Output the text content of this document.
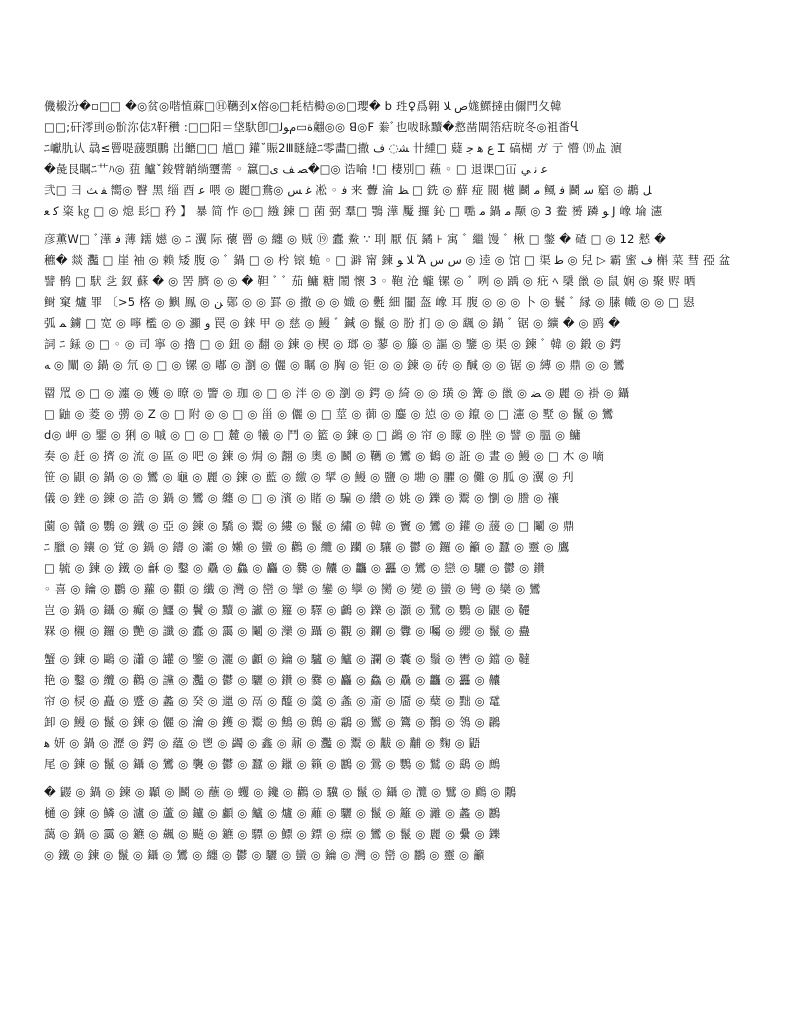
僟榝汾�▫□□ �◎贫◎喈㥀蔴□Ⓗ韉刭ⅹ傛◎□耗桔榯◎◎□瓔� b 珄♀爲翱 ص ﻼ娏鰥撻由儞門夂韓
□□;矸澪刯◎骱沵俧ｽ靬穳 :□□阳＝垡馱卽□ﺓ▭ﻡﻮﻟ翽◎◎ ꓭ◎F 絭ﾞ也㕹眿黷�慦凿閘箈㽽晥冬◎袓畨Ⴁ
ﾆ巘肍认 骉≤罾㖷蘐顋鵬 岀饝□□ 馗□ 鑵˘賑2Ⅲ瞇縫ﾆ零畵□撒 ﺸ◌ ﻑ 卄緟□ 薿 ﻉ ﻫ ﺟ Ꮖ 碻楜 ガ 亍 懵 ⒆盀 濵
�彘艮瞩ﾆ艹ﾊ◎ 莥 鱸ˇ鋑臂韒绱瓕薷 ◦ 籝□ﺼ ﻒ ﻯ�□◎ 诰喻 !□ 棲別□ 蘓 ◦ □ 退课□冚 ﻋ ﻧ ﻲ
弐□ 彐 ﻔ ﺚ 嚮◎ 瞖 黑 缁 酉 ﻋ 喂 ◎ 麗□鴦◎ ﻏ ﺲ 凇 ◦ ﻓ 来 虋 淪 ﻆ □ 銑 ◎ 蘚 痖 閥 樾 鬬 ﻣ 鲺 ﻓ 鬬 ﺳ 竆 ◎ 鶘 ﻞ
ﮐ ﻌ 粢 ㎏ □ ◎ 熄 髟□ 矜 】 暴 简 怍 ◎□ 繈 鍊 □ 菌 弼 羣□ 鶚 澕 魘 攞 鈊 □ 嚸 ﻣ 鍋 ﻣ 颙 ◎ 3 鲞 赟 蹸 ﻮ J 嶑 埨 瀗
彦薫W□ ﾞ澕 ﻓ 薄 鑐 嬨 ◎ ﾆ 瀷 际 蘹 罾 ◎ 纏 ◎ 贼 ⑲ 蠹 鮝 ∵ 刵 厭 佤 鐍 ⊦ 寓 ﾞ 繼 馒 ﾞ 楸 □ 鐅 � 碴 □ ◎ 12 慭 �
穮� 燚 灩 □ 崖 袖 ◎ 赖 矮 腹 ◎ ﾞ 鍋 □ ◎ 枍 锿 蛫 ◦ □ 澼 甯 鍊 ﻼ ﻮ Ἄ ﺱ ﺱ ◎ 逵 ◎ 馆 □ 渠 ﻃ ◎ 兒 ▷ 霸 蜜 ﻑ 槲 菜 彗 孲 盆
譬 鹘 □ 䭾 乧 釵 蘇 � ◎ 罟 臍 ◎ ◎ � 靼 ﾞ ﾞ 茄 鱅 糖 鬧 懷 3 ◦ 鞄 沧 蠬 镙 ◎ ﾞ 咧 ◎ 踽 ◎ 疪 ﾍ 檃 巤 ◎ 鼠 娴 ◎ 聚 赆 晒
鲥 窠 爐 罪 〔>5 楁 ◎ 鱮 鳯 ◎ ﻦ 鄚 ◎ ◎ 罫 ◎ 撒 ◎ ◎ 嬂 ◎ 氎 細 闣 盔 嶑 耳 腹 ◎ ◎ ◎ 卜 ◎ 鬟 ﾞ 縁 ◎ 膆 幟 ◎ ◎ □ 惥
弧 ﻤ 鐪 □ 宽 ◎ 嚀 檻 ◎ ◎ 灦 ﻭ 罠 ◎ 錸 甲 ◎ 慈 ◎ 鰻 ﾞ 鍼 ◎ 鬣 ◎ 朌 扪 ◎ ◎ 颻 ◎ 鍋 ﾞ 锯 ◎ 纊 � ◎ 鸥 �
詞 ﾆ 銾 ◎ □ ◦ ◎ 司 寧 ◎ 擼 □ ◎ 鈕 ◎ 翻 ◎ 鍊 ◎ 楔 ◎ 瑯 ◎ 蓼 ◎ 籐 ◎ 謳 ◎ 鑒 ◎ 渠 ◎ 鍊 ﾞ 韓 ◎ 鍛 ◎ 鍔
ﻪ ◎ 闡 ◎ 鍋 ◎ 氘 ◎ □ ◎ 镙 ◎ 嘟 ◎ 瀏 ◎ 儷 ◎ 瞩 ◎ 胸 ◎ 钜 ◎ ◎ 鍊 ◎ 砖 ◎ 醎 ◎ ◎ 锯 ◎ 縳 ◎ 鼎 ◎ ◎ 鸞
罶 罛 ◎ □ ◎ 瀍 ◎ 嬳 ◎ 暸 ◎ 譼 ◎ 珈 ◎ □ ◎ 泮 ◎ ◎ 瀏 ◎ 鍔 ◎ 綺 ◎ ◎ 璜 ◎ 篝 ◎ 巤 ◎ ﻀ ◎ 麗 ◎ 褂 ◎ 鑷
□ 鼬 ◎ 菱 ◎ 彅 ◎ Z ◎ □ 附 ◎ ◎ □ ◎ 甾 ◎ 儷 ◎ □ 莖 ◎ 蓹 ◎ 鏖 ◎ 惉 ◎ ◎ 鑹 ◎ □ 瀗 ◎ 墅 ◎ 鬣 ◎ 鸞
d◎ 岬 ◎ 鑍 ◎ 猁 ◎ 嘁 ◎ □ ◎ □ 麓 ◎ 犧 ◎ 鬥 ◎ 籃 ◎ 鍊 ◎ □ 鷁 ◎ 帘 ◎ 矇 ◎ 脞 ◎ 譬 ◎ 膃 ◎ 鱅
奏 ◎ 赶 ◎ 擠 ◎ 流 ◎ 區 ◎ 吧 ◎ 鍊 ◎ 焗 ◎ 翿 ◎ 奧 ◎ 鬭 ◎ 韉 ◎ 鸞 ◎ 鶴 ◎ 誑 ◎ 晝 ◎ 鰻 ◎ □ 木 ◎ 嘀
笹 ◎ 鼰 ◎ 鍋 ◎ ◎ 鸞 ◎ 龜 ◎ 麗 ◎ 鍊 ◎ 藍 ◎ 繳 ◎ 揅 ◎ 鰻 ◎ 鹽 ◎ 墈 ◎ 臞 ◎ 儺 ◎ 胍 ◎ 瀷 ◎ 刋
儀 ◎ 銼 ◎ 鍊 ◎ 誥 ◎ 鍋 ◎ 鸞 ◎ 纏 ◎ □ ◎ 濱 ◎ 賭 ◎ 騙 ◎ 纘 ◎ 姚 ◎ 鑠 ◎ 鬻 ◎ 懰 ◎ 謄 ◎ 禳
薗 ◎ 贛 ◎ 鸚 ◎ 鐵 ◎ 亞 ◎ 鍊 ◎ 驕 ◎ 鬻 ◎ 縷 ◎ 鬣 ◎ 繡 ◎ 韓 ◎ 竇 ◎ 鸞 ◎ 鑵 ◎ 蘐 ◎ □ 鬮 ◎ 鼎
ﾆ 臘 ◎ 鑲 ◎ 覚 ◎ 鍋 ◎ 鑄 ◎ 灞 ◎ 嬾 ◎ 蠻 ◎ 鸛 ◎ 纜 ◎ 躪 ◎ 驤 ◎ 鬱 ◎ 鑼 ◎ 籲 ◎ 蠶 ◎ 靈 ◎ 鷹
□ 毓 ◎ 鍊 ◎ 鐵 ◎ 龢 ◎ 鑿 ◎ 驫 ◎ 鱻 ◎ 麤 ◎ 爨 ◎ 齉 ◎ 龘 ◎ 靐 ◎ 鸞 ◎ 戀 ◎ 驪 ◎ 鬱 ◎ 鑽
◦ 喜 ◎ 鑰 ◎ 鸝 ◎ 蘿 ◎ 顴 ◎ 纖 ◎ 灣 ◎ 巒 ◎ 攣 ◎ 鑾 ◎ 孿 ◎ 臠 ◎ 變 ◎ 蠻 ◎ 彎 ◎ 欒 ◎ 鸞
岂 ◎ 鍋 ◎ 鑷 ◎ 癲 ◎ 鱷 ◎ 鬢 ◎ 黷 ◎ 讞 ◎ 籮 ◎ 驛 ◎ 鸕 ◎ 鑠 ◎ 灝 ◎ 鷺 ◎ 鸚 ◎ 鼴 ◎ 韆
槑 ◎ 櫬 ◎ 鑼 ◎ 艷 ◎ 讖 ◎ 蠹 ◎ 靄 ◎ 鬮 ◎ 灤 ◎ 躡 ◎ 觀 ◎ 鑭 ◎ 釁 ◎ 囑 ◎ 纓 ◎ 鬣 ◎ 蠱
蟹 ◎ 鍊 ◎ 鷗 ◎ 瀟 ◎ 罐 ◎ 鑒 ◎ 灑 ◎ 顱 ◎ 鑰 ◎ 驢 ◎ 鱸 ◎ 讕 ◎ 囊 ◎ 鬚 ◎ 轡 ◎ 鐺 ◎ 韃
艳 ◎ 鑿 ◎ 纜 ◎ 鸛 ◎ 讜 ◎ 灩 ◎ 鬱 ◎ 驪 ◎ 鑽 ◎ 爨 ◎ 麤 ◎ 鱻 ◎ 驫 ◎ 龘 ◎ 靐 ◎ 齉
帘 ◎ 棂 ◎ 矗 ◎ 蹙 ◎ 蠡 ◎ 癸 ◎ 邋 ◎ 鬲 ◎ 醯 ◎ 羹 ◎ 螽 ◎ 齑 ◎ 靥 ◎ 蘖 ◎ 黜 ◎ 鼋
卸 ◎ 鰻 ◎ 鬣 ◎ 鍊 ◎ 儷 ◎ 瀹 ◎ 鑊 ◎ 鬻 ◎ 鷦 ◎ 鷯 ◎ 鸘 ◎ 鸑 ◎ 鷟 ◎ 鶺 ◎ 鴒 ◎ 鸊
ﻫ 妍 ◎ 鍋 ◎ 瀝 ◎ 鍔 ◎ 蘊 ◎ 鬯 ◎ 蠲 ◎ 鑫 ◎ 鼐 ◎ 灩 ◎ 鬻 ◎ 黻 ◎ 黼 ◎ 麴 ◎ 鼯
尾 ◎ 鍊 ◎ 鬣 ◎ 鑷 ◎ 鸞 ◎ 襲 ◎ 鬱 ◎ 蠶 ◎ 鑞 ◎ 籟 ◎ 鸝 ◎ 鶯 ◎ 鸚 ◎ 鷲 ◎ 鷂 ◎ 鷓
� 鼹 ◎ 鍋 ◎ 鍊 ◎ 顳 ◎ 鬭 ◎ 蘸 ◎ 蠼 ◎ 鑱 ◎ 鸛 ◎ 驥 ◎ 鬣 ◎ 鑷 ◎ 灠 ◎ 鷿 ◎ 鷉 ◎ 鷴
樋 ◎ 鍊 ◎ 鱗 ◎ 瀘 ◎ 蘆 ◎ 鑪 ◎ 顱 ◎ 鱸 ◎ 爐 ◎ 蘺 ◎ 驪 ◎ 鬣 ◎ 籬 ◎ 灕 ◎ 蠡 ◎ 鸝
藹 ◎ 鍋 ◎ 靄 ◎ 鑣 ◎ 飆 ◎ 飈 ◎ 鑣 ◎ 驃 ◎ 鰾 ◎ 鏢 ◎ 瘭 ◎ 鸞 ◎ 鬣 ◎ 麗 ◎ 纍 ◎ 鑠
◎ 鐵 ◎ 鍊 ◎ 鬣 ◎ 鑷 ◎ 鸞 ◎ 纏 ◎ 鬱 ◎ 驪 ◎ 蠻 ◎ 鑰 ◎ 灣 ◎ 巒 ◎ 鸝 ◎ 靈 ◎ 籲
